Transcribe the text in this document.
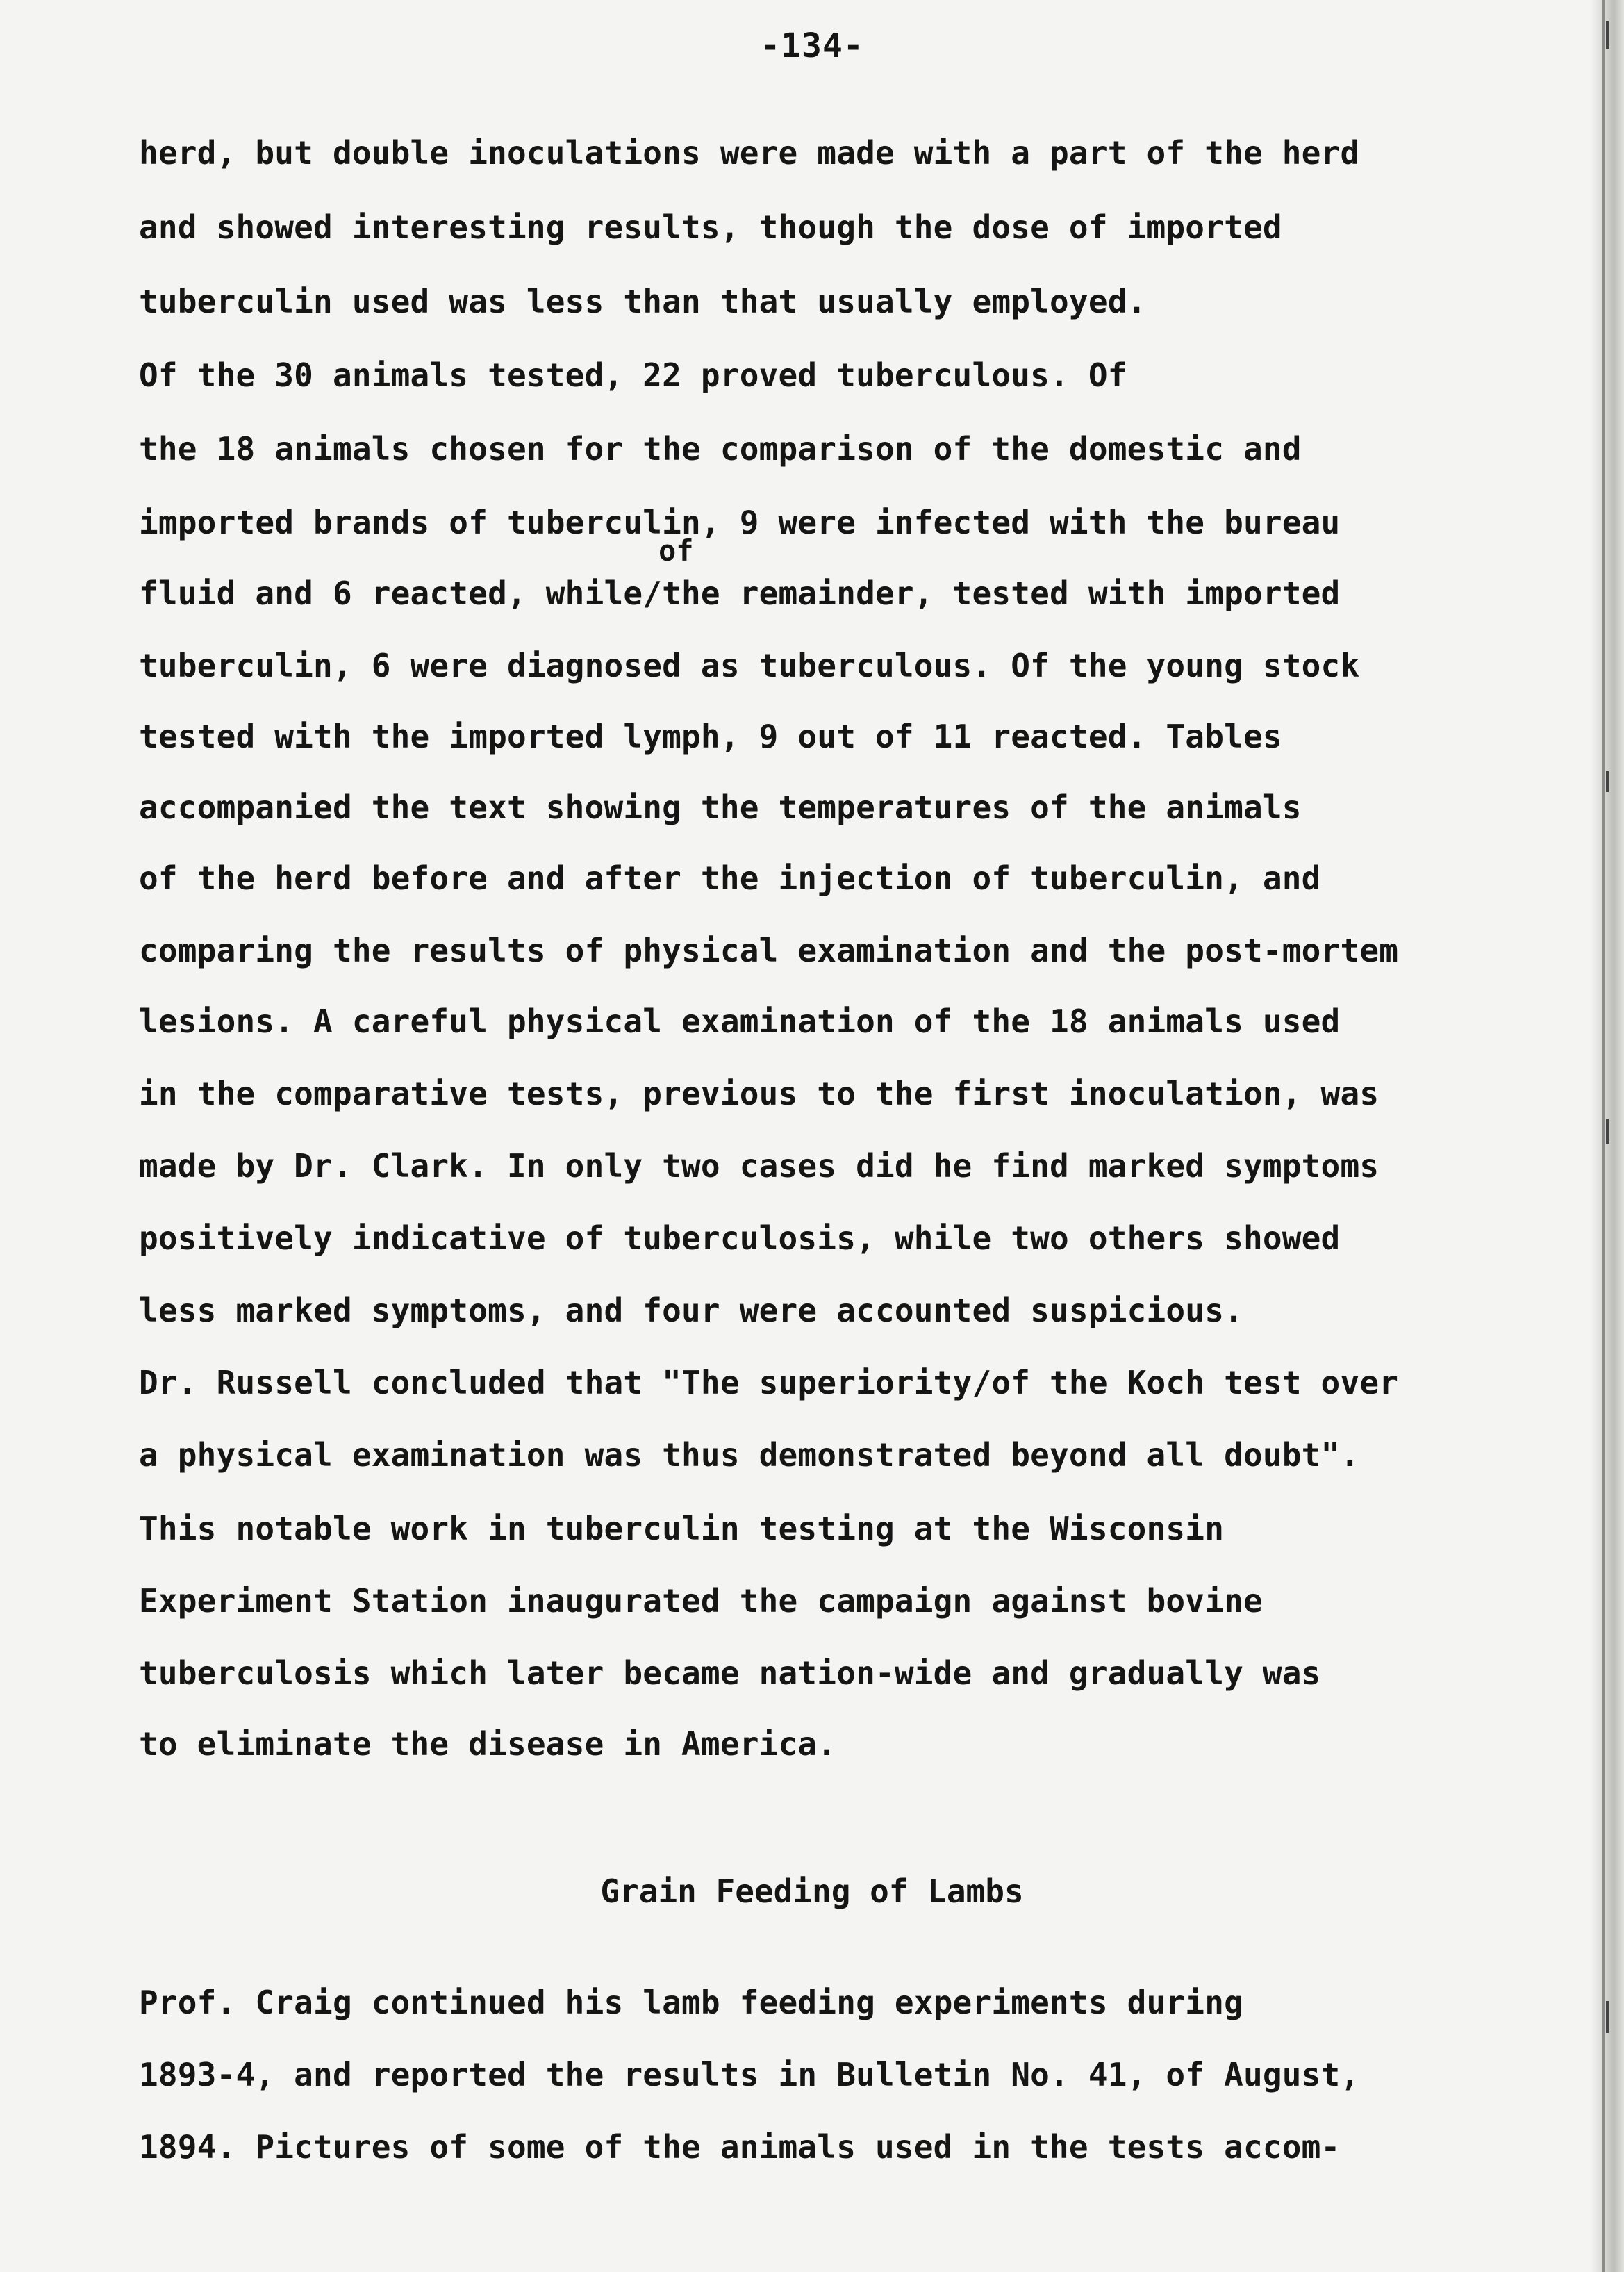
-134-
herd, but double inoculations were made with a part of the herd
and showed interesting results, though the dose of imported
tuberculin used was less than that usually employed.
Of the 30 animals tested, 22 proved tuberculous. Of
the 18 animals chosen for the comparison of the domestic and
imported brands of tuberculin, 9 were infected with the bureau
fluid and 6 reacted, while/the remainder, tested with imported
tuberculin, 6 were diagnosed as tuberculous. Of the young stock
tested with the imported lymph, 9 out of 11 reacted. Tables
accompanied the text showing the temperatures of the animals
of the herd before and after the injection of tuberculin, and
comparing the results of physical examination and the post-mortem
lesions. A careful physical examination of the 18 animals used
in the comparative tests, previous to the first inoculation, was
made by Dr. Clark. In only two cases did he find marked symptoms
positively indicative of tuberculosis, while two others showed
less marked symptoms, and four were accounted suspicious.
Dr. Russell concluded that "The superiority/of the Koch test over
a physical examination was thus demonstrated beyond all doubt".
This notable work in tuberculin testing at the Wisconsin
Experiment Station inaugurated the campaign against bovine
tuberculosis which later became nation-wide and gradually was
to eliminate the disease in America.
of
Grain Feeding of Lambs
Prof. Craig continued his lamb feeding experiments during
1893-4, and reported the results in Bulletin No. 41, of August,
1894. Pictures of some of the animals used in the tests accom-
